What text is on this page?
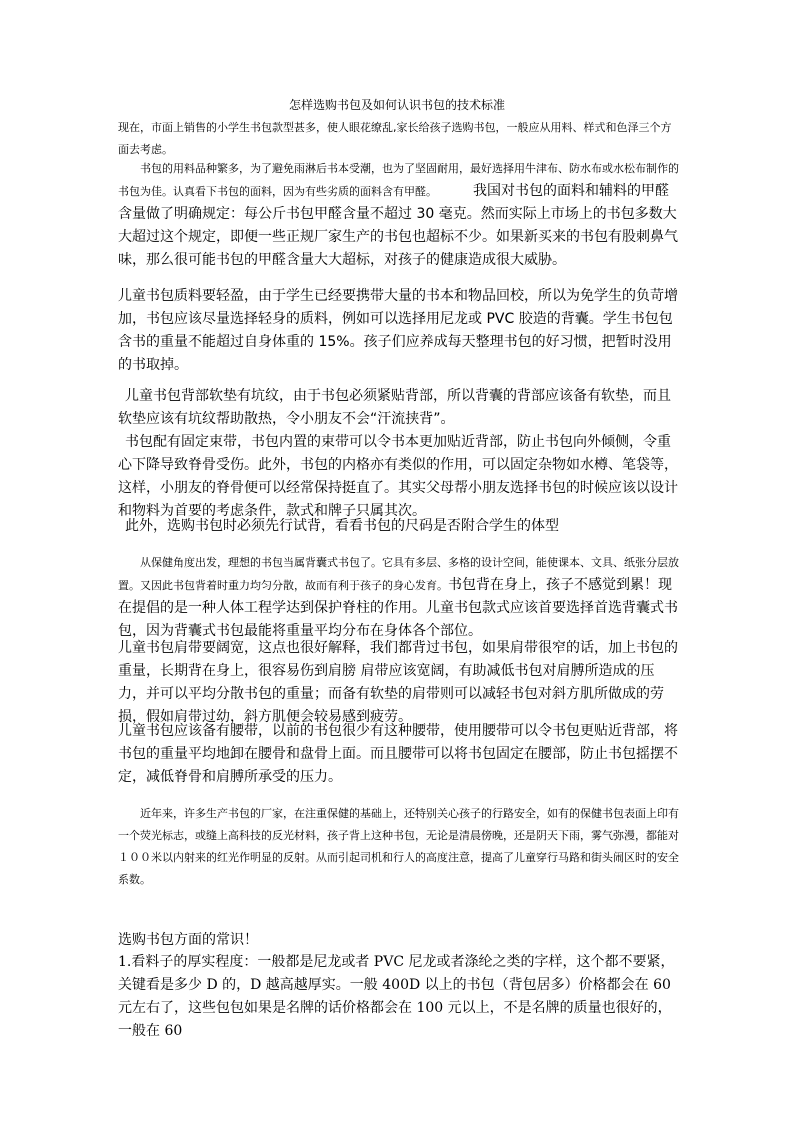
怎样选购书包及如何认识书包的技术标准

现在，市面上销售的小学生书包款型甚多，使人眼花缭乱,家长给孩子选购书包，一般应从用料、样式和色泽三个方面去考虑。

书包的用料品种繁多，为了避免雨淋后书本受潮，也为了坚固耐用，最好选择用牛津布、防水布或水松布制作的书包为佳。认真看下书包的面料，因为有些劣质的面料含有甲醛。	我国对书包的面料和辅料的甲醛含量做了明确规定：每公斤书包甲醛含量不超过 30 毫克。然而实际上市场上的书包多数大大超过这个规定，即便一些正规厂家生产的书包也超标不少。如果新买来的书包有股刺鼻气味，那么很可能书包的甲醛含量大大超标，对孩子的健康造成很大威胁。

儿童书包质料要轻盈，由于学生已经要携带大量的书本和物品回校，所以为免学生的负苛增加，书包应该尽量选择轻身的质料，例如可以选择用尼龙或 PVC 胶造的背囊。学生书包包含书的重量不能超过自身体重的 15%。孩子们应养成每天整理书包的好习惯，把暂时没用的书取掉。

儿童书包背部软垫有坑纹，由于书包必须紧贴背部，所以背囊的背部应该备有软垫，而且软垫应该有坑纹帮助散热，令小朋友不会“汗流挟背”。

书包配有固定束带，书包内置的束带可以令书本更加贴近背部，防止书包向外倾侧，令重心下降导致脊骨受伤。此外，书包的内格亦有类似的作用，可以固定杂物如水樽、笔袋等，这样，小朋友的脊骨便可以经常保持挺直了。其实父母帮小朋友选择书包的时候应该以设计和物料为首要的考虑条件，款式和牌子只属其次。

此外，选购书包时必须先行试背，看看书包的尺码是否附合学生的体型

从保健角度出发，理想的书包当属背囊式书包了。它具有多层、多格的设计空间，能使课本、文具、纸张分层放置。又因此书包背着时重力均匀分散，故而有利于孩子的身心发育。书包背在身上，孩子不感觉到累！现在提倡的是一种人体工程学达到保护脊柱的作用。儿童书包款式应该首要选择首选背囊式书包，因为背囊式书包最能将重量平均分布在身体各个部位。

儿童书包肩带要阔宽，这点也很好解释，我们都背过书包，如果肩带很窄的话，加上书包的重量，长期背在身上，很容易伤到肩膀 肩带应该宽阔，有助减低书包对肩膊所造成的压力，并可以平均分散书包的重量；而备有软垫的肩带则可以减轻书包对斜方肌所做成的劳损，假如肩带过幼，斜方肌便会较易感到疲劳。

儿童书包应该备有腰带，以前的书包很少有这种腰带，使用腰带可以令书包更贴近背部，将书包的重量平均地卸在腰骨和盘骨上面。而且腰带可以将书包固定在腰部，防止书包摇摆不定，减低脊骨和肩膊所承受的压力。

近年来，许多生产书包的厂家，在注重保健的基础上，还特别关心孩子的行路安全，如有的保健书包表面上印有一个荧光标志，或缝上高科技的反光材料，孩子背上这种书包，无论是清晨傍晚，还是阴天下雨，雾气弥漫，都能对１００米以内射来的红光作明显的反射。从而引起司机和行人的高度注意，提高了儿童穿行马路和街头闹区时的安全系数。

选购书包方面的常识！

1.看料子的厚实程度：一般都是尼龙或者 PVC 尼龙或者涤纶之类的字样，这个都不要紧，关键看是多少 D 的，D 越高越厚实。一般 400D 以上的书包（背包居多）价格都会在 60 元左右了，这些包包如果是名牌的话价格都会在 100 元以上，不是名牌的质量也很好的，一般在 60
